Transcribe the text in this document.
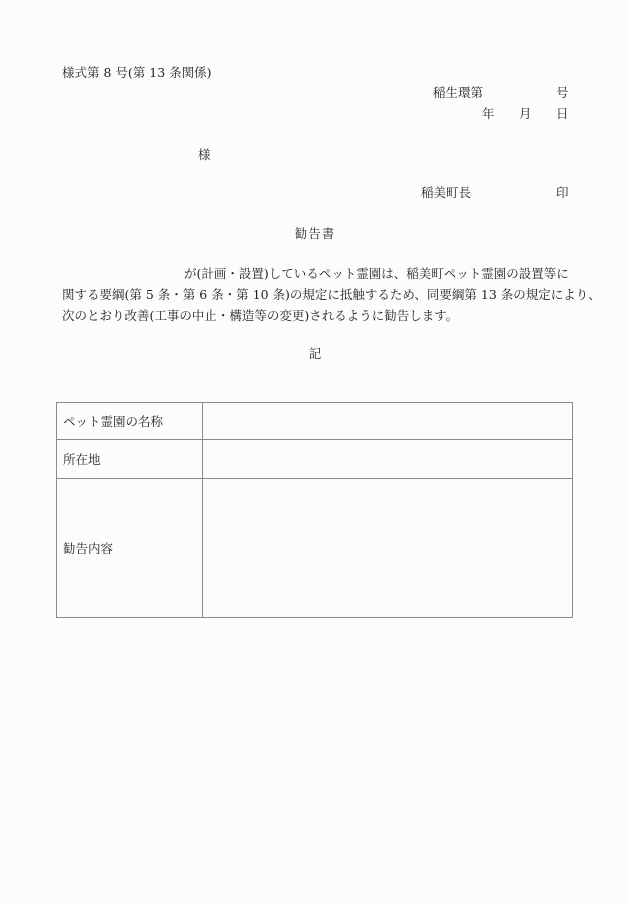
様式第 8 号(第 13 条関係)
稲生環第	号
年 月 日
様
稲美町長	印
勧告書
が(計画・設置)しているペット霊園は、稲美町ペット霊園の設置等に
関する要綱(第 5 条・第 6 条・第 10 条)の規定に抵触するため、同要綱第 13 条の規定により、
次のとおり改善(工事の中止・構造等の変更)されるように勧告します。
記
ペット霊園の名称	
所在地	
勧告内容	
